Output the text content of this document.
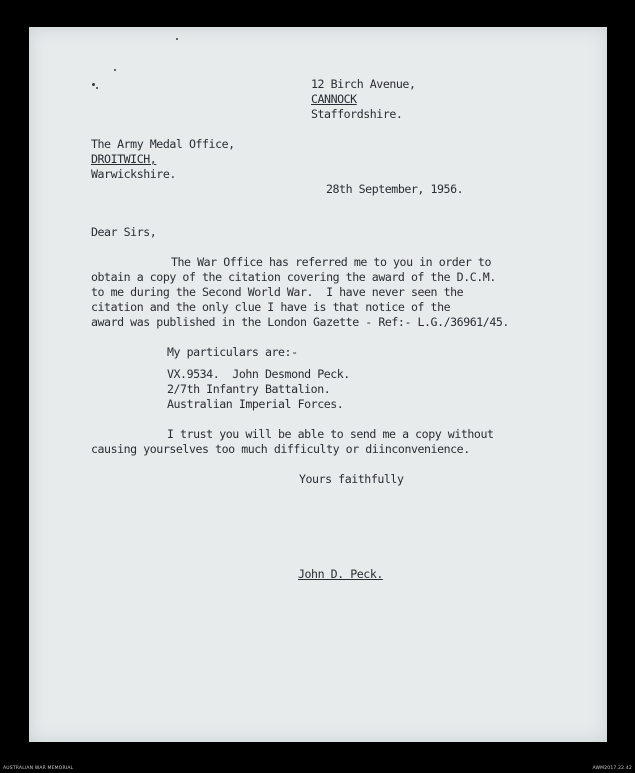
12 Birch Avenue,
CANNOCK
Staffordshire.
The Army Medal Office,
DROITWICH,
Warwickshire.
28th September, 1956.
Dear Sirs,
The War Office has referred me to you in order to
obtain a copy of the citation covering the award of the D.C.M.
to me during the Second World War.  I have never seen the
citation and the only clue I have is that notice of the
award was published in the London Gazette - Ref:- L.G./36961/45.
My particulars are:-
VX.9534.  John Desmond Peck.
2/7th Infantry Battalion.
Australian Imperial Forces.
I trust you will be able to send me a copy without
causing yourselves too much difficulty or diinconvenience.
Yours faithfully
John D. Peck.
AUSTRALIAN WAR MEMORIAL	AWM2017.22.42
